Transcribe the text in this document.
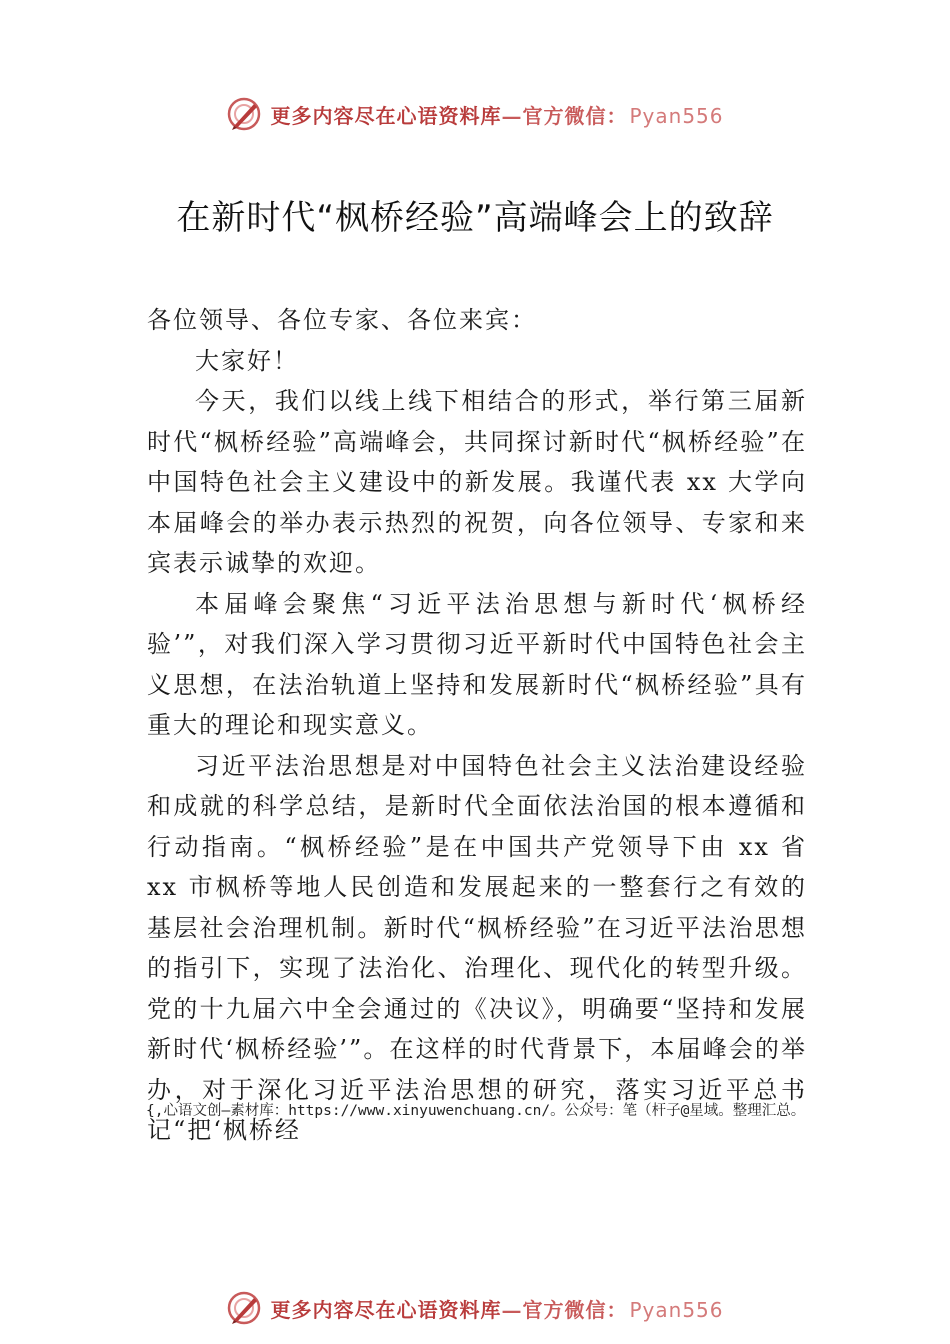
更多内容尽在心语资料库—官方微信： Pyan556
在新时代“枫桥经验”高端峰会上的致辞

各位领导、各位专家、各位来宾：

大家好！

今天，我们以线上线下相结合的形式，举行第三届新时代“枫桥经验”高端峰会，共同探讨新时代“枫桥经验”在中国特色社会主义建设中的新发展。我谨代表 xx 大学向本届峰会的举办表示热烈的祝贺，向各位领导、专家和来宾表示诚挚的欢迎。

本届峰会聚焦“习近平法治思想与新时代‘枫桥经验’”，对我们深入学习贯彻习近平新时代中国特色社会主义思想，在法治轨道上坚持和发展新时代“枫桥经验”具有重大的理论和现实意义。

习近平法治思想是对中国特色社会主义法治建设经验和成就的科学总结，是新时代全面依法治国的根本遵循和行动指南。“枫桥经验”是在中国共产党领导下由 xx 省 xx 市枫桥等地人民创造和发展起来的一整套行之有效的基层社会治理机制。新时代“枫桥经验”在习近平法治思想的指引下，实现了法治化、治理化、现代化的转型升级。党的十九届六中全会通过的《决议》，明确要“坚持和发展新时代‘枫桥经验’”。在这样的时代背景下，本届峰会的举办，对于深化习近平法治思想的研究，落实习近平总书记“把‘枫桥经

{,心语文创—素材库：https://www.xinyuwenchuang.cn/。公众号：笔（杆子@星域。整理汇总。

更多内容尽在心语资料库—官方微信： Pyan556
